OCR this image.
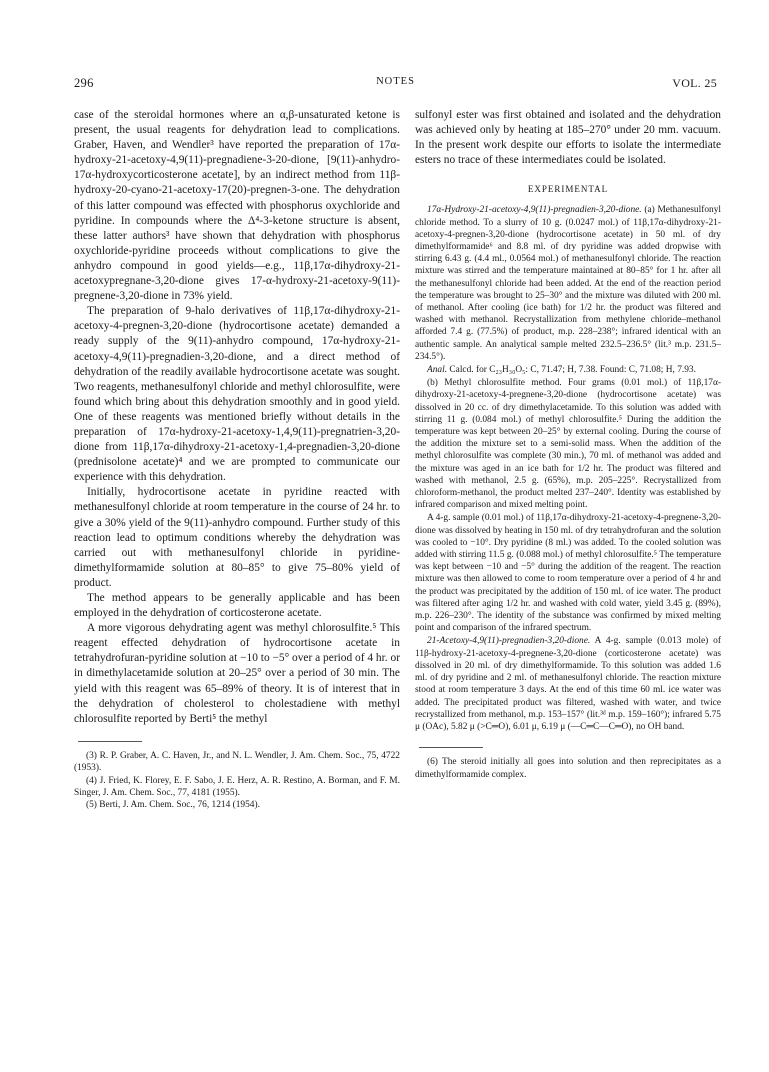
296	NOTES	VOL. 25

case of the steroidal hormones where an α,β-unsaturated ketone is present, the usual reagents for dehydration lead to complications. Graber, Haven, and Wendler³ have reported the preparation of 17α-hydroxy-21-acetoxy-4,9(11)-pregnadiene-3-20-dione, [9(11)-anhydro-17α-hydroxycorticosterone acetate], by an indirect method from 11β-hydroxy-20-cyano-21-acetoxy-17(20)-pregnen-3-one. The dehydration of this latter compound was effected with phosphorus oxychloride and pyridine. In compounds where the Δ⁴-3-ketone structure is absent, these latter authors³ have shown that dehydration with phosphorus oxychloride-pyridine proceeds without complications to give the anhydro compound in good yields—e.g., 11β,17α-dihydroxy-21-acetoxypregnane-3,20-dione gives 17-α-hydroxy-21-acetoxy-9(11)-pregnene-3,20-dione in 73% yield.

The preparation of 9-halo derivatives of 11β,17α-dihydroxy-21-acetoxy-4-pregnen-3,20-dione (hydrocortisone acetate) demanded a ready supply of the 9(11)-anhydro compound, 17α-hydroxy-21-acetoxy-4,9(11)-pregnadien-3,20-dione, and a direct method of dehydration of the readily available hydrocortisone acetate was sought. Two reagents, methanesulfonyl chloride and methyl chlorosulfite, were found which bring about this dehydration smoothly and in good yield. One of these reagents was mentioned briefly without details in the preparation of 17α-hydroxy-21-acetoxy-1,4,9(11)-pregnatrien-3,20-dione from 11β,17α-dihydroxy-21-acetoxy-1,4-pregnadien-3,20-dione (prednisolone acetate)⁴ and we are prompted to communicate our experience with this dehydration.

Initially, hydrocortisone acetate in pyridine reacted with methanesulfonyl chloride at room temperature in the course of 24 hr. to give a 30% yield of the 9(11)-anhydro compound. Further study of this reaction lead to optimum conditions whereby the dehydration was carried out with methanesulfonyl chloride in pyridine-dimethylformamide solution at 80–85° to give 75–80% yield of product.

The method appears to be generally applicable and has been employed in the dehydration of corticosterone acetate.

A more vigorous dehydrating agent was methyl chlorosulfite.⁵ This reagent effected dehydration of hydrocortisone acetate in tetrahydrofuran-pyridine solution at −10 to −5° over a period of 4 hr. or in dimethylacetamide solution at 20–25° over a period of 30 min. The yield with this reagent was 65–89% of theory. It is of interest that in the dehydration of cholesterol to cholestadiene with methyl chlorosulfite reported by Berti⁵ the methyl

(3) R. P. Graber, A. C. Haven, Jr., and N. L. Wendler, J. Am. Chem. Soc., 75, 4722 (1953).

(4) J. Fried, K. Florey, E. F. Sabo, J. E. Herz, A. R. Restino, A. Borman, and F. M. Singer, J. Am. Chem. Soc., 77, 4181 (1955).

(5) Berti, J. Am. Chem. Soc., 76, 1214 (1954).

sulfonyl ester was first obtained and isolated and the dehydration was achieved only by heating at 185–270° under 20 mm. vacuum. In the present work despite our efforts to isolate the intermediate esters no trace of these intermediates could be isolated.

EXPERIMENTAL

17α-Hydroxy-21-acetoxy-4,9(11)-pregnadien-3,20-dione. (a) Methanesulfonyl chloride method. To a slurry of 10 g. (0.0247 mol.) of 11β,17α-dihydroxy-21-acetoxy-4-pregnen-3,20-dione (hydrocortisone acetate) in 50 ml. of dry dimethylformamide⁶ and 8.8 ml. of dry pyridine was added dropwise with stirring 6.43 g. (4.4 ml., 0.0564 mol.) of methanesulfonyl chloride. The reaction mixture was stirred and the temperature maintained at 80–85° for 1 hr. after all the methanesulfonyl chloride had been added. At the end of the reaction period the temperature was brought to 25–30° and the mixture was diluted with 200 ml. of methanol. After cooling (ice bath) for 1/2 hr. the product was filtered and washed with methanol. Recrystallization from methylene chloride–methanol afforded 7.4 g. (77.5%) of product, m.p. 228–238°; infrared identical with an authentic sample. An analytical sample melted 232.5–236.5° (lit.³ m.p. 231.5–234.5°).

Anal. Calcd. for C₂₃H₃₀O₅: C, 71.47; H, 7.38. Found: C, 71.08; H, 7.93.

(b) Methyl chlorosulfite method. Four grams (0.01 mol.) of 11β,17α-dihydroxy-21-acetoxy-4-pregnene-3,20-dione (hydrocortisone acetate) was dissolved in 20 cc. of dry dimethylacetamide. To this solution was added with stirring 11 g. (0.084 mol.) of methyl chlorosulfite.⁵ During the addition the temperature was kept between 20–25° by external cooling. During the course of the addition the mixture set to a semi-solid mass. When the addition of the methyl chlorosulfite was complete (30 min.), 70 ml. of methanol was added and the mixture was aged in an ice bath for 1/2 hr. The product was filtered and washed with methanol, 2.5 g. (65%), m.p. 205–225°. Recrystallized from chloroform-methanol, the product melted 237–240°. Identity was established by infrared comparison and mixed melting point.

A 4-g. sample (0.01 mol.) of 11β,17α-dihydroxy-21-acetoxy-4-pregnene-3,20-dione was dissolved by heating in 150 ml. of dry tetrahydrofuran and the solution was cooled to −10°. Dry pyridine (8 ml.) was added. To the cooled solution was added with stirring 11.5 g. (0.088 mol.) of methyl chlorosulfite.⁵ The temperature was kept between −10 and −5° during the addition of the reagent. The reaction mixture was then allowed to come to room temperature over a period of 4 hr and the product was precipitated by the addition of 150 ml. of ice water. The product was filtered after aging 1/2 hr. and washed with cold water, yield 3.45 g. (89%), m.p. 226–230°. The identity of the substance was confirmed by mixed melting point and comparison of the infrared spectrum.

21-Acetoxy-4,9(11)-pregnadien-3,20-dione. A 4-g. sample (0.013 mole) of 11β-hydroxy-21-acetoxy-4-pregnene-3,20-dione (corticosterone acetate) was dissolved in 20 ml. of dry dimethylformamide. To this solution was added 1.6 ml. of dry pyridine and 2 ml. of methanesulfonyl chloride. The reaction mixture stood at room temperature 3 days. At the end of this time 60 ml. ice water was added. The precipitated product was filtered, washed with water, and twice recrystallized from methanol, m.p. 153–157° (lit.³ᵈ m.p. 159–160°); infrared 5.75 μ (OAc), 5.82 μ (>C═O), 6.01 μ, 6.19 μ (—C═C—C═O), no OH band.

(6) The steroid initially all goes into solution and then reprecipitates as a dimethylformamide complex.
